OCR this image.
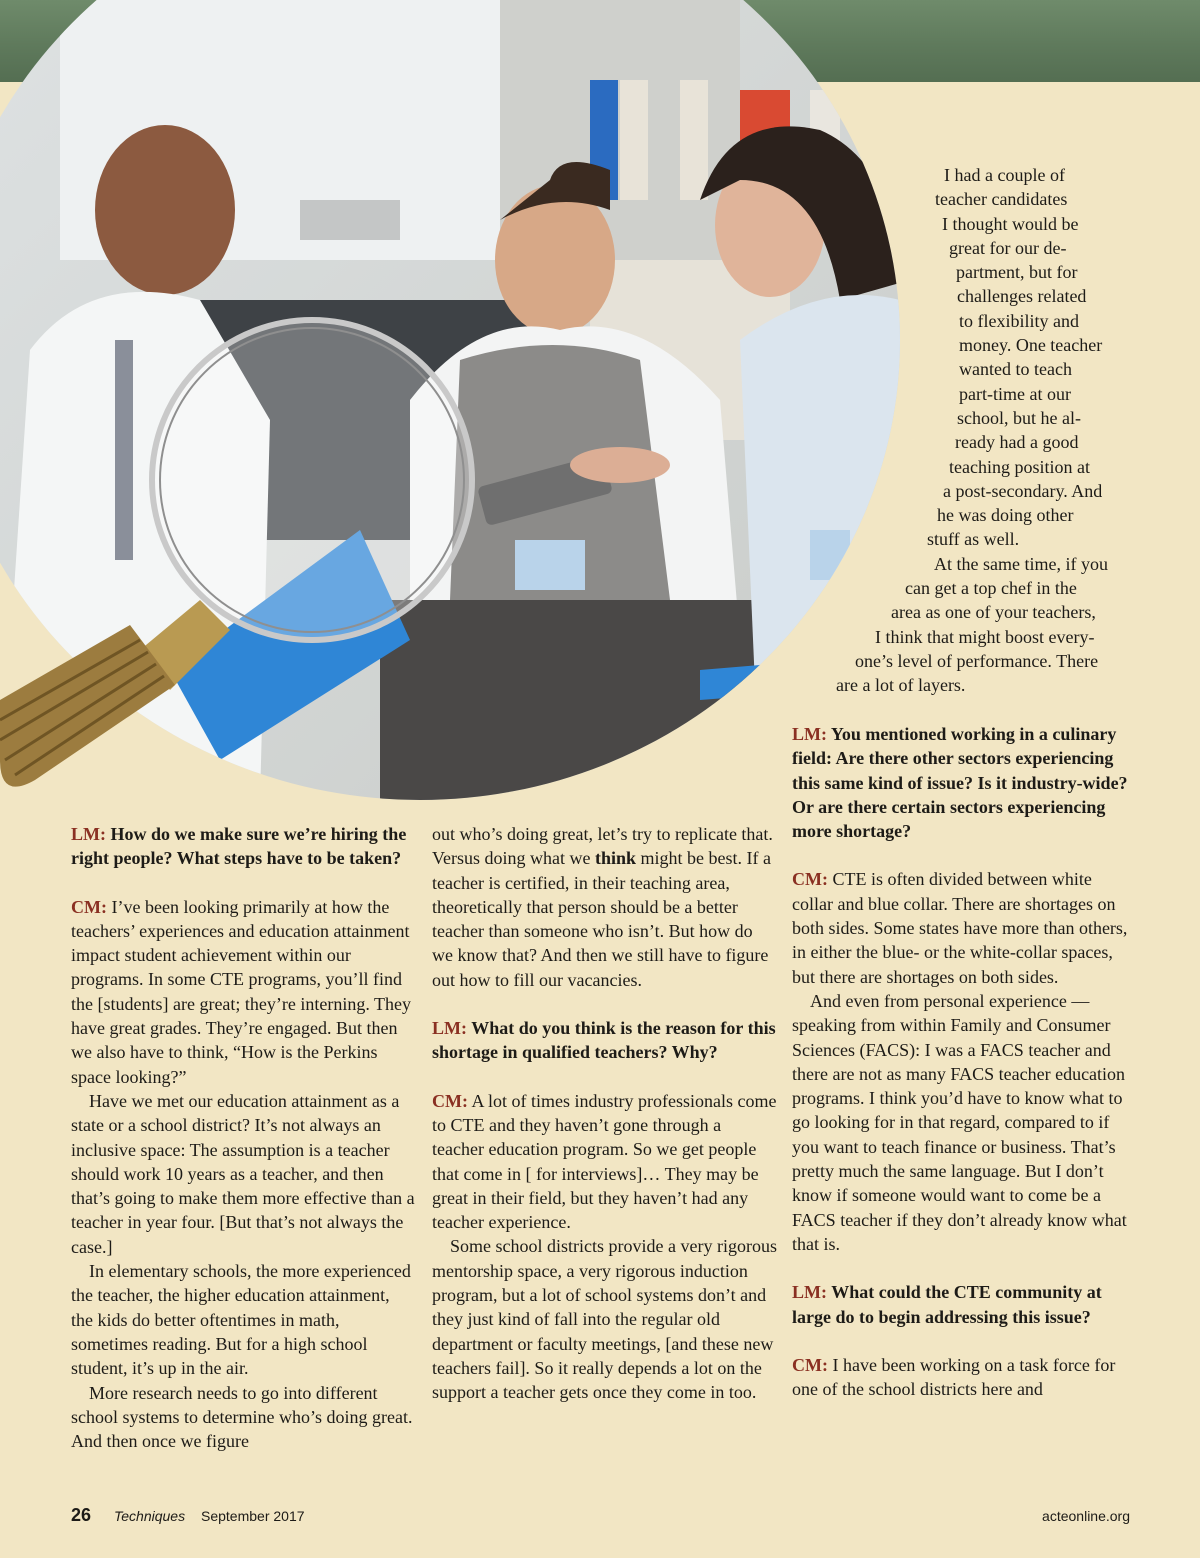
I had a couple of
teacher candidates
I thought would be
great for our de-
partment, but for
challenges related
to flexibility and
money. One teacher
wanted to teach
part-time at our
school, but he al-
ready had a good
teaching position at
a post-secondary. And
he was doing other
stuff as well.
At the same time, if you
can get a top chef in the
area as one of your teachers,
I think that might boost every-
one’s level of performance. There
are a lot of layers.

LM: How do we make sure we’re hiring the right people? What steps have to be taken?

CM: I’ve been looking primarily at how the teachers’ experiences and education attainment impact student achievement within our programs. In some CTE programs, you’ll find the [students] are great; they’re interning. They have great grades. They’re engaged. But then we also have to think, “How is the Perkins space looking?”

Have we met our education attainment as a state or a school district? It’s not always an inclusive space: The assumption is a teacher should work 10 years as a teacher, and then that’s going to make them more effective than a teacher in year four. [But that’s not always the case.]

In elementary schools, the more experienced the teacher, the higher education attainment, the kids do better oftentimes in math, sometimes reading. But for a high school student, it’s up in the air.

More research needs to go into different school systems to determine who’s doing great. And then once we figure

out who’s doing great, let’s try to replicate that. Versus doing what we think might be best. If a teacher is certified, in their teaching area, theoretically that person should be a better teacher than someone who isn’t. But how do we know that? And then we still have to figure out how to fill our vacancies.

LM: What do you think is the reason for this shortage in qualified teachers? Why?

CM: A lot of times industry professionals come to CTE and they haven’t gone through a teacher education program. So we get people that come in [ for interviews]… They may be great in their field, but they haven’t had any teacher experience.

Some school districts provide a very rigorous mentorship space, a very rigorous induction program, but a lot of school systems don’t and they just kind of fall into the regular old department or faculty meetings, [and these new teachers fail]. So it really depends a lot on the support a teacher gets once they come in too.

LM: You mentioned working in a culinary field: Are there other sectors experiencing this same kind of issue? Is it industry-wide? Or are there certain sectors experiencing more shortage?

CM: CTE is often divided between white collar and blue collar. There are shortages on both sides. Some states have more than others, in either the blue- or the white-collar spaces, but there are shortages on both sides.

And even from personal experience — speaking from within Family and Consumer Sciences (FACS): I was a FACS teacher and there are not as many FACS teacher education programs. I think you’d have to know what to go looking for in that regard, compared to if you want to teach finance or business. That’s pretty much the same language. But I don’t know if someone would want to come be a FACS teacher if they don’t already know what that is.

LM: What could the CTE community at large do to begin addressing this issue?

CM: I have been working on a task force for one of the school districts here and

26 Techniques September 2017	acteonline.org
